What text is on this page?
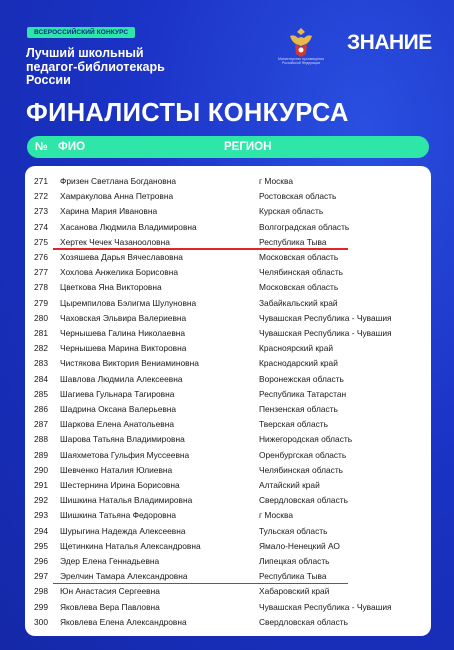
ВСЕРОССИЙСКИЙ КОНКУРС
Лучший школьный
педагог-библиотекарь
России
Министерство просвещения Российской Федерации
ЗНАНИЕ
ФИНАЛИСТЫ КОНКУРСА
№ ФИО	РЕГИОН
271	Фризен Светлана Богдановна	г Москва
272	Хамракулова Анна Петровна	Ростовская область
273	Харина Мария Ивановна	Курская область
274	Хасанова Людмила Владимировна	Волгоградская область
275	Хертек Чечек Чазанооловна	Республика Тыва
276	Хозяшева Дарья Вячеславовна	Московская область
277	Хохлова Анжелика Борисовна	Челябинская область
278	Цветкова Яна Викторовна	Московская область
279	Цыремпилова Бэлигма Шулуновна	Забайкальский край
280	Чаховская Эльвира Валериевна	Чувашская Республика - Чувашия
281	Чернышева Галина Николаевна	Чувашская Республика - Чувашия
282	Чернышева Марина Викторовна	Красноярский край
283	Чистякова Виктория Вениаминовна	Краснодарский край
284	Шавлова Людмила Алексеевна	Воронежская область
285	Шагиева Гульнара Тагировна	Республика Татарстан
286	Шадрина Оксана Валерьевна	Пензенская область
287	Шаркова Елена Анатольевна	Тверская область
288	Шарова Татьяна Владимировна	Нижегородская область
289	Шаяхметова Гульфия Муссеевна	Оренбургская область
290	Шевченко Наталия Юлиевна	Челябинская область
291	Шестернина Ирина Борисовна	Алтайский край
292	Шишкина Наталья Владимировна	Свердловская область
293	Шишкина Татьяна Федоровна	г Москва
294	Шурыгина Надежда Алексеевна	Тульская область
295	Щетинкина Наталья Александровна	Ямало-Ненецкий АО
296	Эдер Елена Геннадьевна	Липецкая область
297	Эрелчин Тамара Александровна	Республика Тыва
298	Юн Анастасия Сергеевна	Хабаровский край
299	Яковлева Вера Павловна	Чувашская Республика - Чувашия
300	Яковлева Елена Александровна	Свердловская область
